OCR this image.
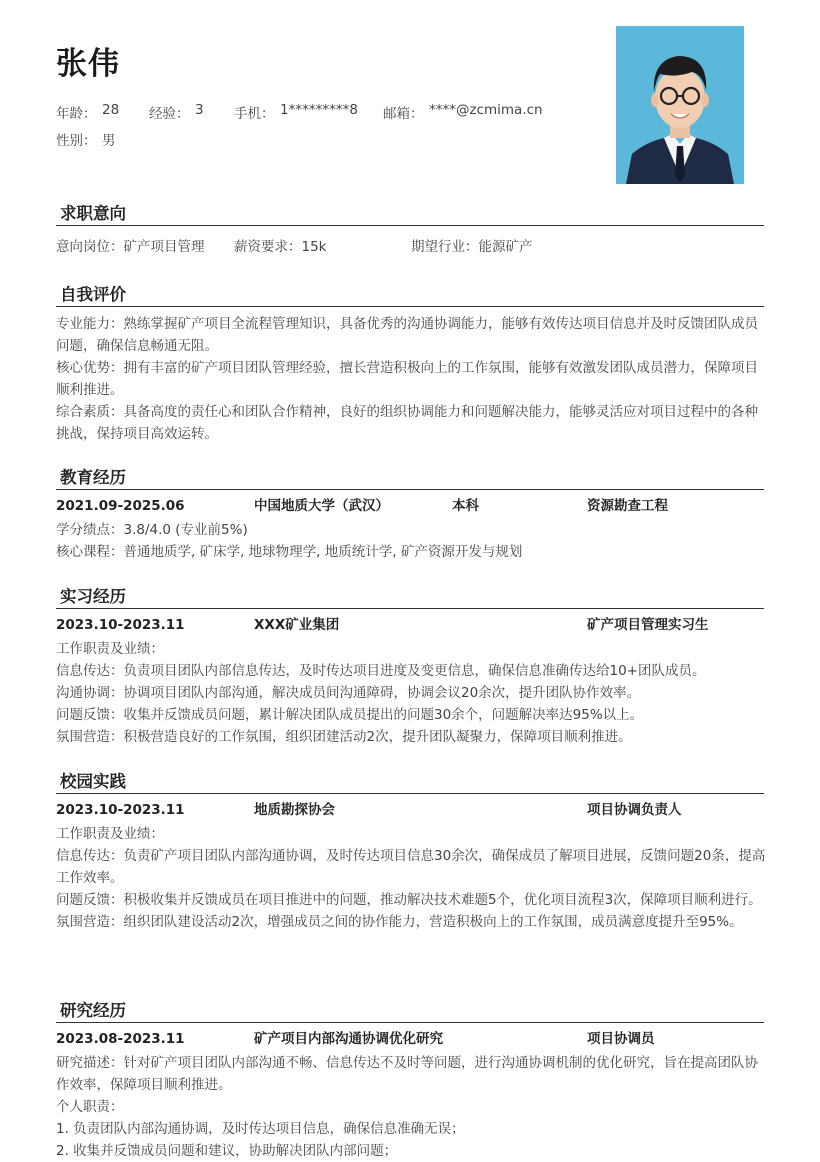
张伟
年龄： 28 经验： 3 手机： 1*********8 邮箱： ****@zcmima.cn
性别： 男
求职意向
意向岗位：矿产项目管理 薪资要求：15k	期望行业：能源矿产
自我评价
专业能力：熟练掌握矿产项目全流程管理知识，具备优秀的沟通协调能力，能够有效传达项目信息并及时反馈团队成员问题，确保信息畅通无阻。
核心优势：拥有丰富的矿产项目团队管理经验，擅长营造积极向上的工作氛围，能够有效激发团队成员潜力，保障项目顺利推进。
综合素质：具备高度的责任心和团队合作精神，良好的组织协调能力和问题解决能力，能够灵活应对项目过程中的各种挑战，保持项目高效运转。
教育经历
2021.09-2025.06	中国地质大学（武汉）	本科	资源勘查工程
学分绩点：3.8/4.0 (专业前5%)
核心课程：普通地质学, 矿床学, 地球物理学, 地质统计学, 矿产资源开发与规划
实习经历
2023.10-2023.11	XXX矿业集团	矿产项目管理实习生
工作职责及业绩：
信息传达：负责项目团队内部信息传达，及时传达项目进度及变更信息，确保信息准确传达给10+团队成员。
沟通协调：协调项目团队内部沟通，解决成员间沟通障碍，协调会议20余次，提升团队协作效率。
问题反馈：收集并反馈成员问题，累计解决团队成员提出的问题30余个，问题解决率达95%以上。
氛围营造：积极营造良好的工作氛围，组织团建活动2次，提升团队凝聚力，保障项目顺利推进。
校园实践
2023.10-2023.11	地质勘探协会	项目协调负责人
工作职责及业绩：
信息传达：负责矿产项目团队内部沟通协调，及时传达项目信息30余次，确保成员了解项目进展，反馈问题20条，提高工作效率。
问题反馈：积极收集并反馈成员在项目推进中的问题，推动解决技术难题5个，优化项目流程3次，保障项目顺利进行。
氛围营造：组织团队建设活动2次，增强成员之间的协作能力，营造积极向上的工作氛围，成员满意度提升至95%。
研究经历
2023.08-2023.11	矿产项目内部沟通协调优化研究	项目协调员
研究描述：针对矿产项目团队内部沟通不畅、信息传达不及时等问题，进行沟通协调机制的优化研究，旨在提高团队协作效率，保障项目顺利推进。
个人职责：
1. 负责团队内部沟通协调，及时传达项目信息，确保信息准确无误；
2. 收集并反馈成员问题和建议，协助解决团队内部问题；
